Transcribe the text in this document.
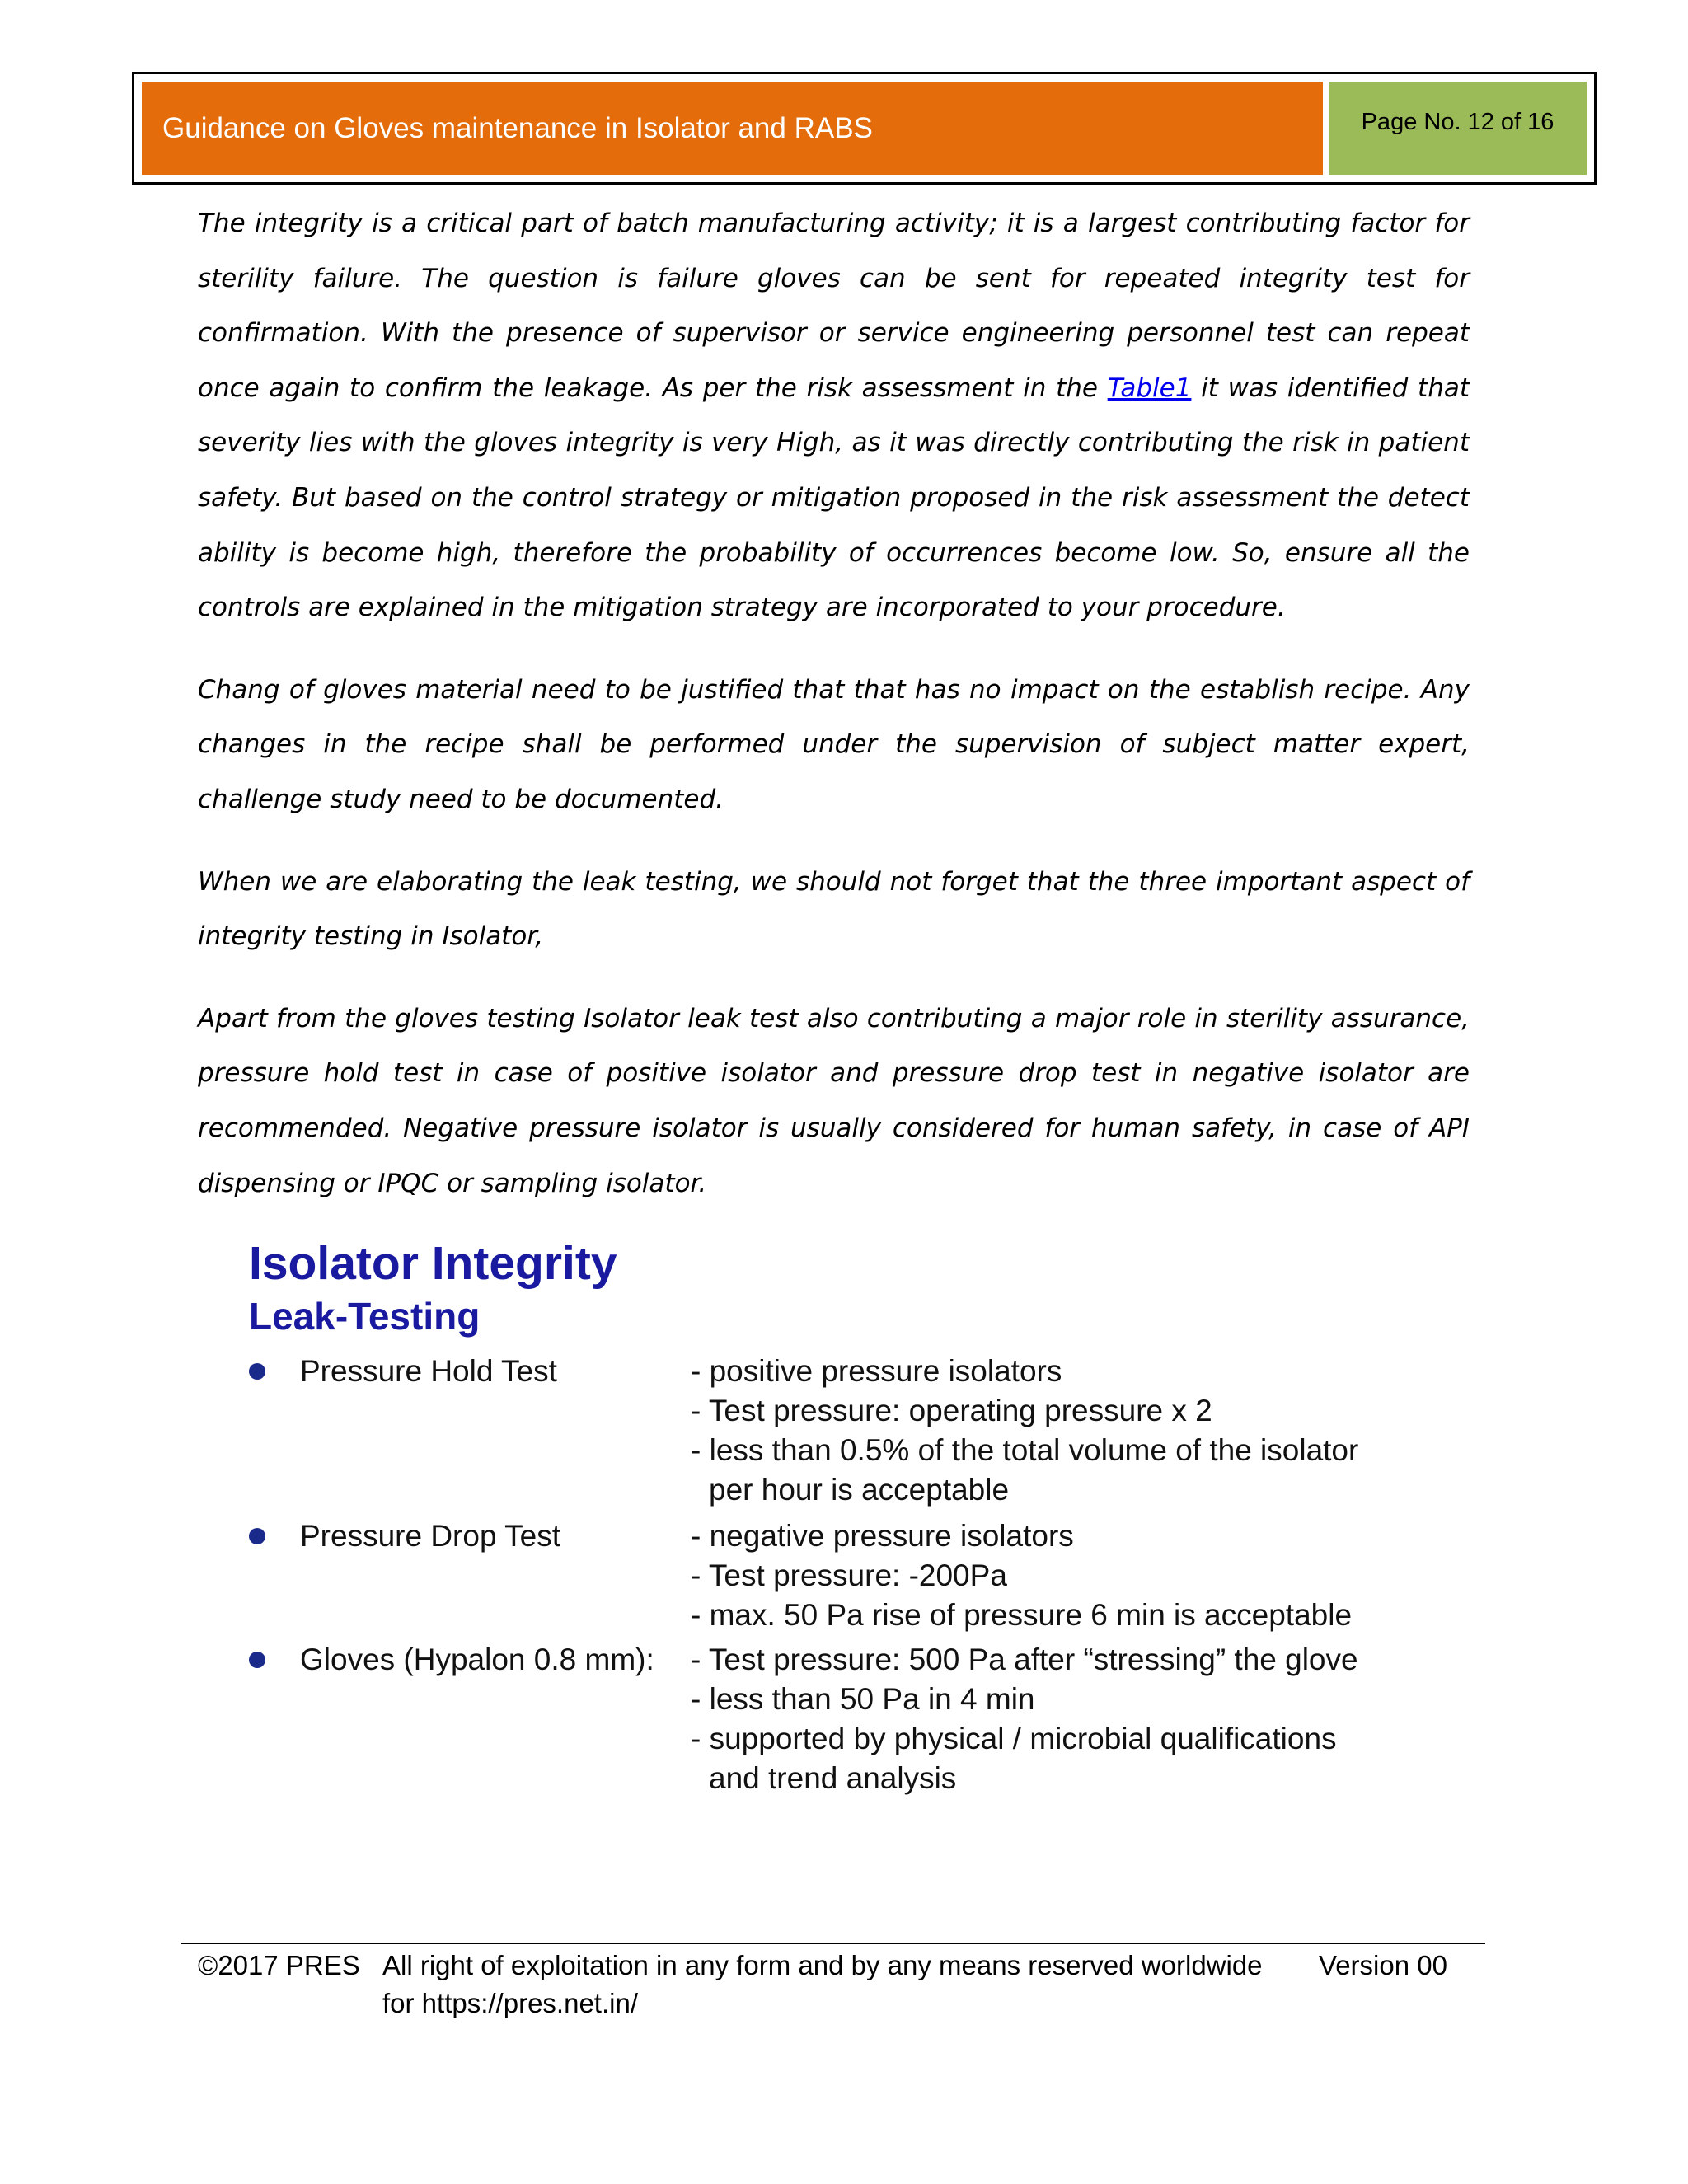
Guidance on Gloves maintenance in Isolator and RABS	Page No. 12 of 16

The integrity is a critical part of batch manufacturing activity; it is a largest contributing factor for sterility failure. The question is failure gloves can be sent for repeated integrity test for confirmation. With the presence of supervisor or service engineering personnel test can repeat once again to confirm the leakage. As per the risk assessment in the Table1 it was identified that severity lies with the gloves integrity is very High, as it was directly contributing the risk in patient safety. But based on the control strategy or mitigation proposed in the risk assessment the detect ability is become high, therefore the probability of occurrences become low. So, ensure all the controls are explained in the mitigation strategy are incorporated to your procedure.

Chang of gloves material need to be justified that that has no impact on the establish recipe. Any changes in the recipe shall be performed under the supervision of subject matter expert, challenge study need to be documented.

When we are elaborating the leak testing, we should not forget that the three important aspect of integrity testing in Isolator,

Apart from the gloves testing Isolator leak test also contributing a major role in sterility assurance, pressure hold test in case of positive isolator and pressure drop test in negative isolator are recommended. Negative pressure isolator is usually considered for human safety, in case of API dispensing or IPQC or sampling isolator.

Isolator Integrity
Leak-Testing
Pressure Hold Test	- positive pressure isolators
- Test pressure: operating pressure x 2
- less than 0.5% of the total volume of the isolator
per hour is acceptable
Pressure Drop Test	- negative pressure isolators
- Test pressure: -200Pa
- max. 50 Pa rise of pressure 6 min is acceptable
Gloves (Hypalon 0.8 mm): - Test pressure: 500 Pa after “stressing” the glove
- less than 50 Pa in 4 min
- supported by physical / microbial qualifications
and trend analysis
©2017 PRES All right of exploitation in any form and by any means reserved worldwide
for https://pres.net.in/
Version 00
